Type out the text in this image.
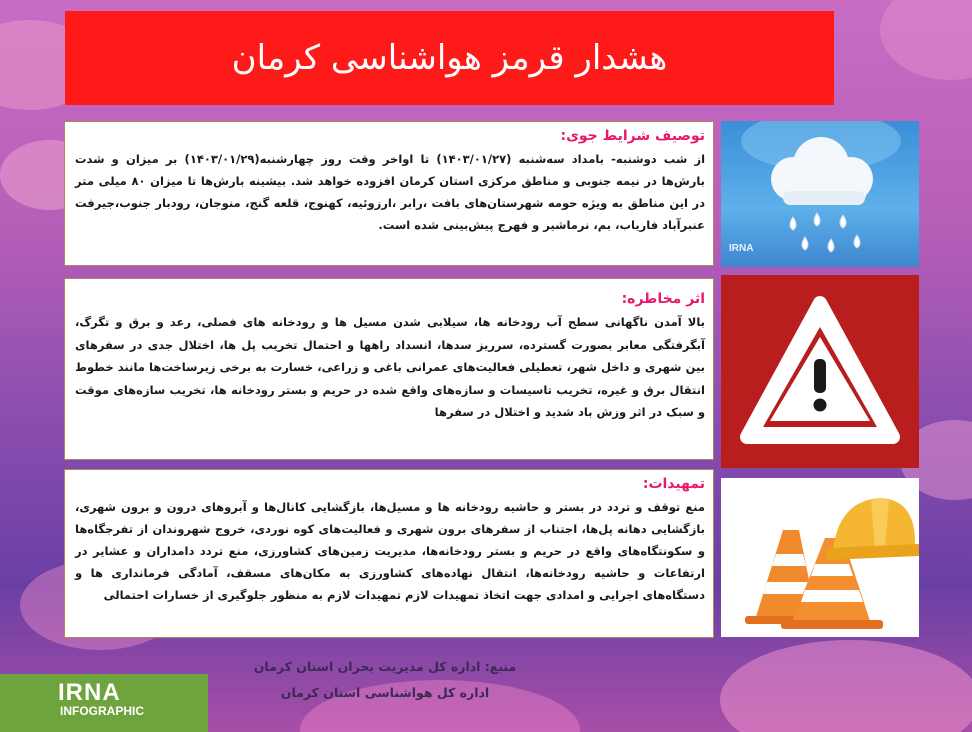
هشدار قرمز هواشناسی کرمان
توصیف شرایط جوی:

از شب دوشنبه- بامداد سه‌شنبه (۱۴۰۳/۰۱/۲۷) تا اواخر وقت روز چهارشنبه(۱۴۰۳/۰۱/۲۹) بر میزان و شدت بارش‌ها در نیمه جنوبی و مناطق مرکزی استان کرمان افزوده خواهد شد. بیشینه بارش‌ها تا میزان ۸۰ میلی متر در این مناطق به ویژه حومه شهرستان‌های بافت ،رابر ،ارزوئیه، کهنوج، قلعه گنج، منوجان، رودبار جنوب،جیرفت عنبرآباد فاریاب، بم، نرماشیر و فهرج پیش‌بینی شده است.

IRNA
اثر مخاطره:

بالا آمدن ناگهانی سطح آب رودخانه ها، سیلابی شدن مسیل ها و رودخانه های فصلی، رعد و برق و تگرگ، آبگرفتگی معابر بصورت گسترده، سرریز سدها، انسداد راهها و احتمال تخریب پل ها، اختلال جدی در سفرهای بین شهری و داخل شهر، تعطیلی فعالیت‌های عمرانی باغی و زراعی، خسارت به برخی زیرساخت‌ها مانند خطوط انتقال برق و غیره، تخریب تاسیسات و سازه‌های واقع شده در حریم و بستر رودخانه ها، تخریب سازه‌های موقت و سبک در اثر وزش باد شدید و اختلال در سفرها

تمهیدات:

منع توقف و تردد در بستر و حاشیه رودخانه ها و مسیل‌ها، بازگشایی کانال‌ها و آبروهای درون و برون شهری، بازگشایی دهانه پل‌ها، اجتناب از سفرهای برون شهری و فعالیت‌های کوه نوردی، خروج شهروندان از تفرجگاه‌ها و سکونتگاه‌های واقع در حریم و بستر رودخانه‌ها، مدیریت زمین‌های کشاورزی، منع تردد دامداران و عشایر در ارتفاعات و حاشیه رودخانه‌ها، انتقال نهاده‌های کشاورزی به مکان‌های مسقف، آمادگی فرمانداری ها و دستگاه‌های اجرایی و امدادی جهت اتخاذ تمهیدات لازم تمهیدات لازم به منظور جلوگیری از خسارات احتمالی

منبع: اداره کل مدیریت بحران استان کرمان
اداره کل هواشناسی استان کرمان
IRNA
INFOGRAPHIC
